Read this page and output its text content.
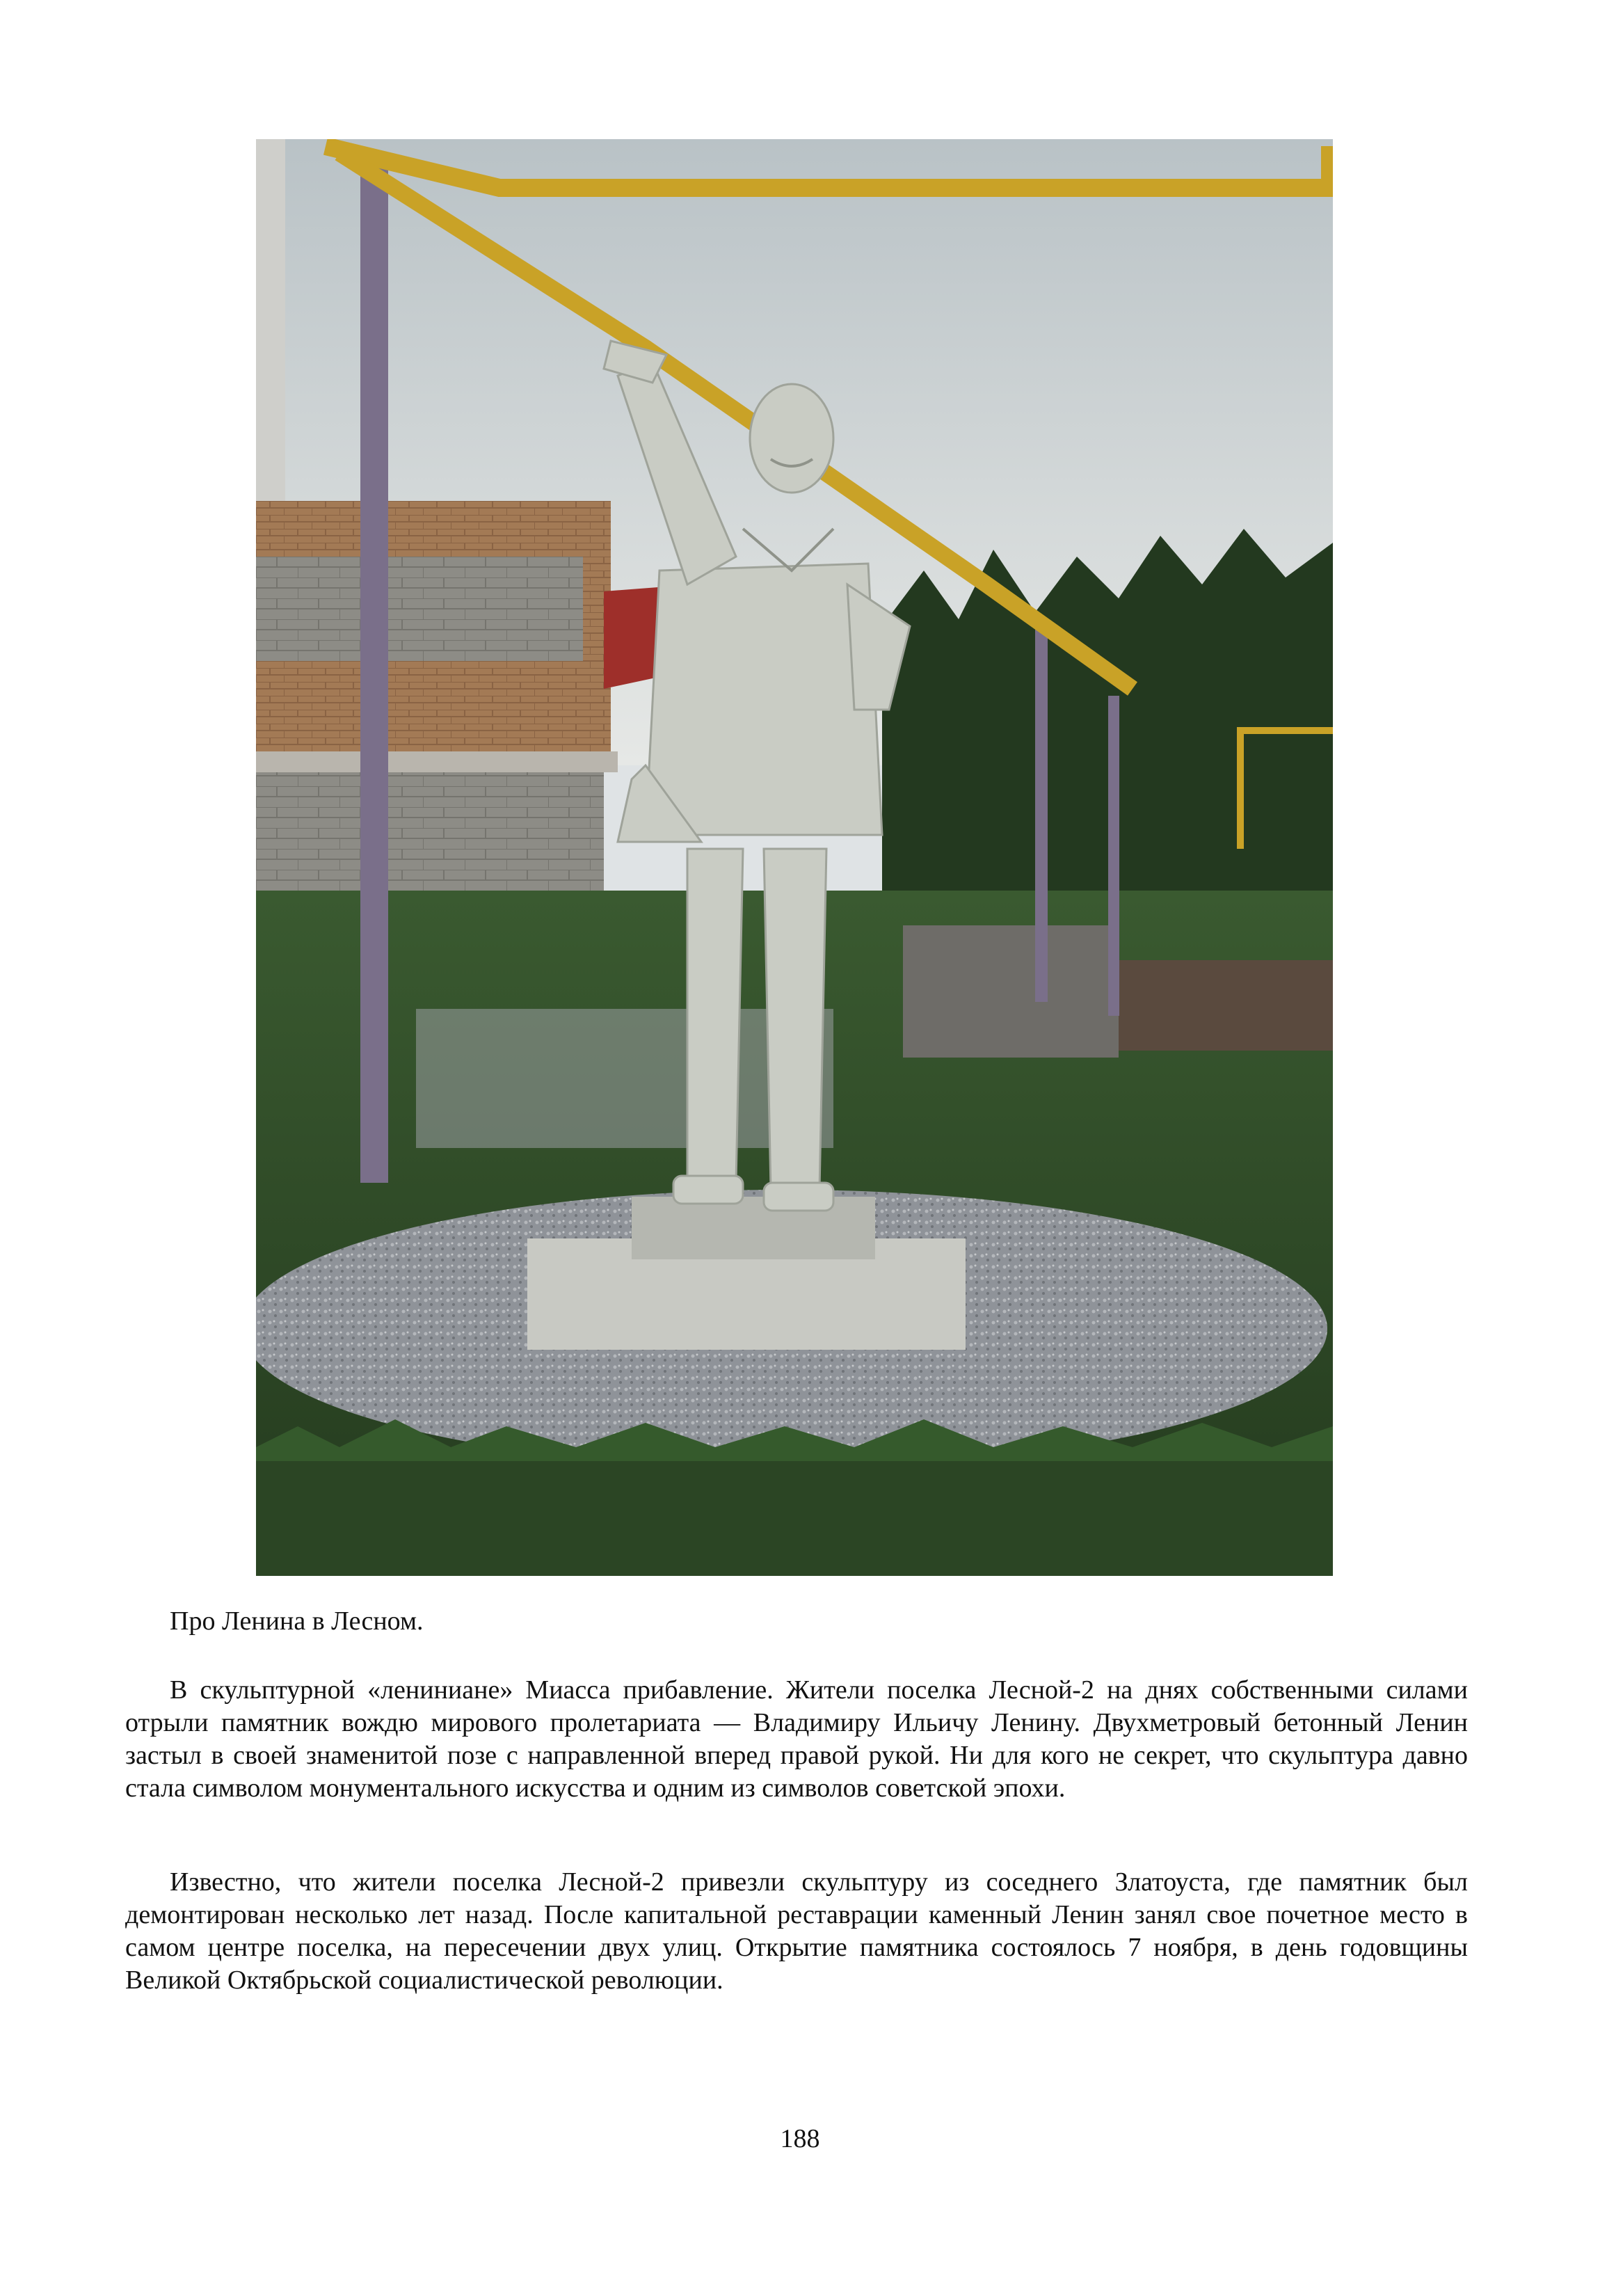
Про Ленина в Лесном.

В скульптурной «лениниане» Миасса прибавление. Жители поселка Лесной-2 на днях собственными силами отрыли памятник вождю мирового пролетариата — Владимиру Ильичу Ленину. Двухметровый бетонный Ленин застыл в своей знаменитой позе с направленной вперед правой рукой. Ни для кого не секрет, что скульптура давно стала символом монументального искусства и одним из символов советской эпохи.

Известно, что жители поселка Лесной-2 привезли скульптуру из соседнего Златоуста, где памятник был демонтирован несколько лет назад. После капитальной реставрации каменный Ленин занял свое почетное место в самом центре поселка, на пересечении двух улиц. Открытие памятника состоялось 7 ноября, в день годовщины Великой Октябрьской социалистической революции.

188
